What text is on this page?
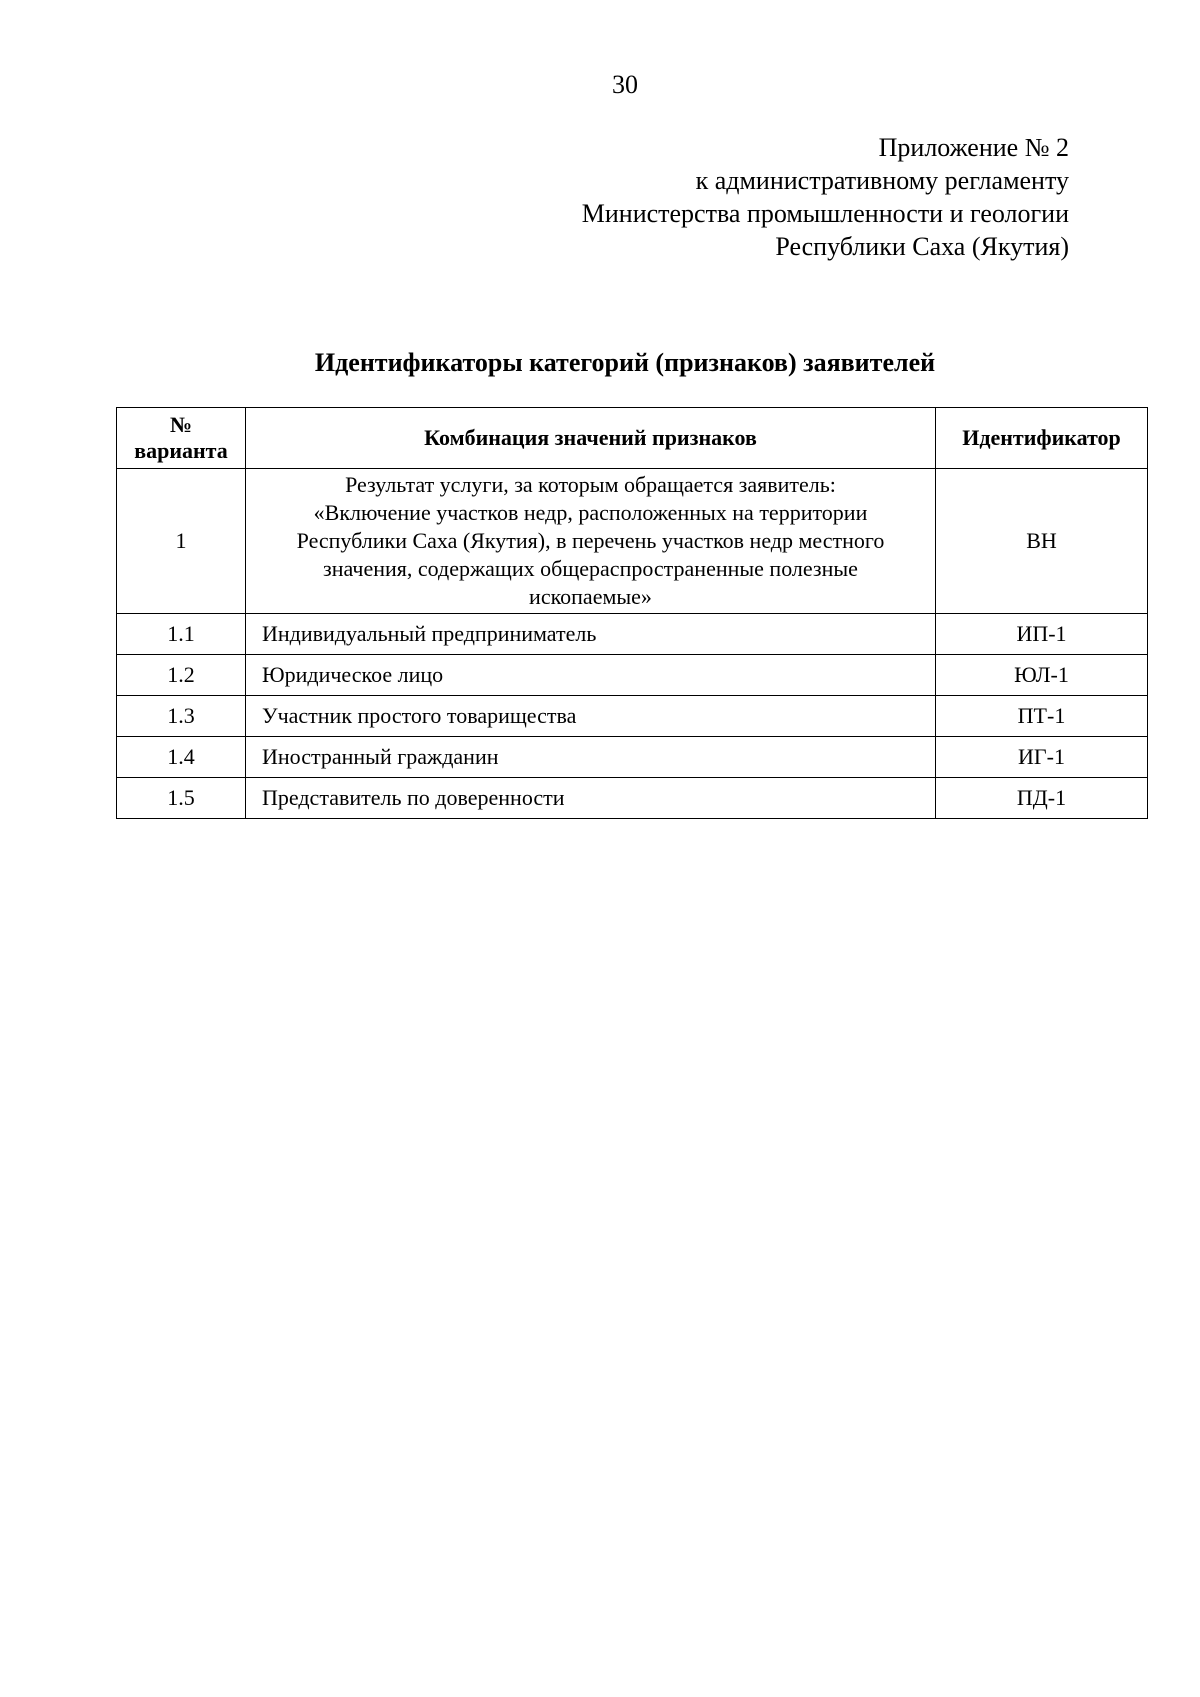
30
Приложение № 2
к административному регламенту
Министерства промышленности и геологии
Республики Саха (Якутия)
Идентификаторы категорий (признаков) заявителей
№
варианта	Комбинация значений признаков	Идентификатор
1	Результат услуги, за которым обращается заявитель:
«Включение участков недр, расположенных на территории
Республики Саха (Якутия), в перечень участков недр местного
значения, содержащих общераспространенные полезные
ископаемые»	ВН
1.1	Индивидуальный предприниматель	ИП-1
1.2	Юридическое лицо	ЮЛ-1
1.3	Участник простого товарищества	ПТ-1
1.4	Иностранный гражданин	ИГ-1
1.5	Представитель по доверенности	ПД-1
